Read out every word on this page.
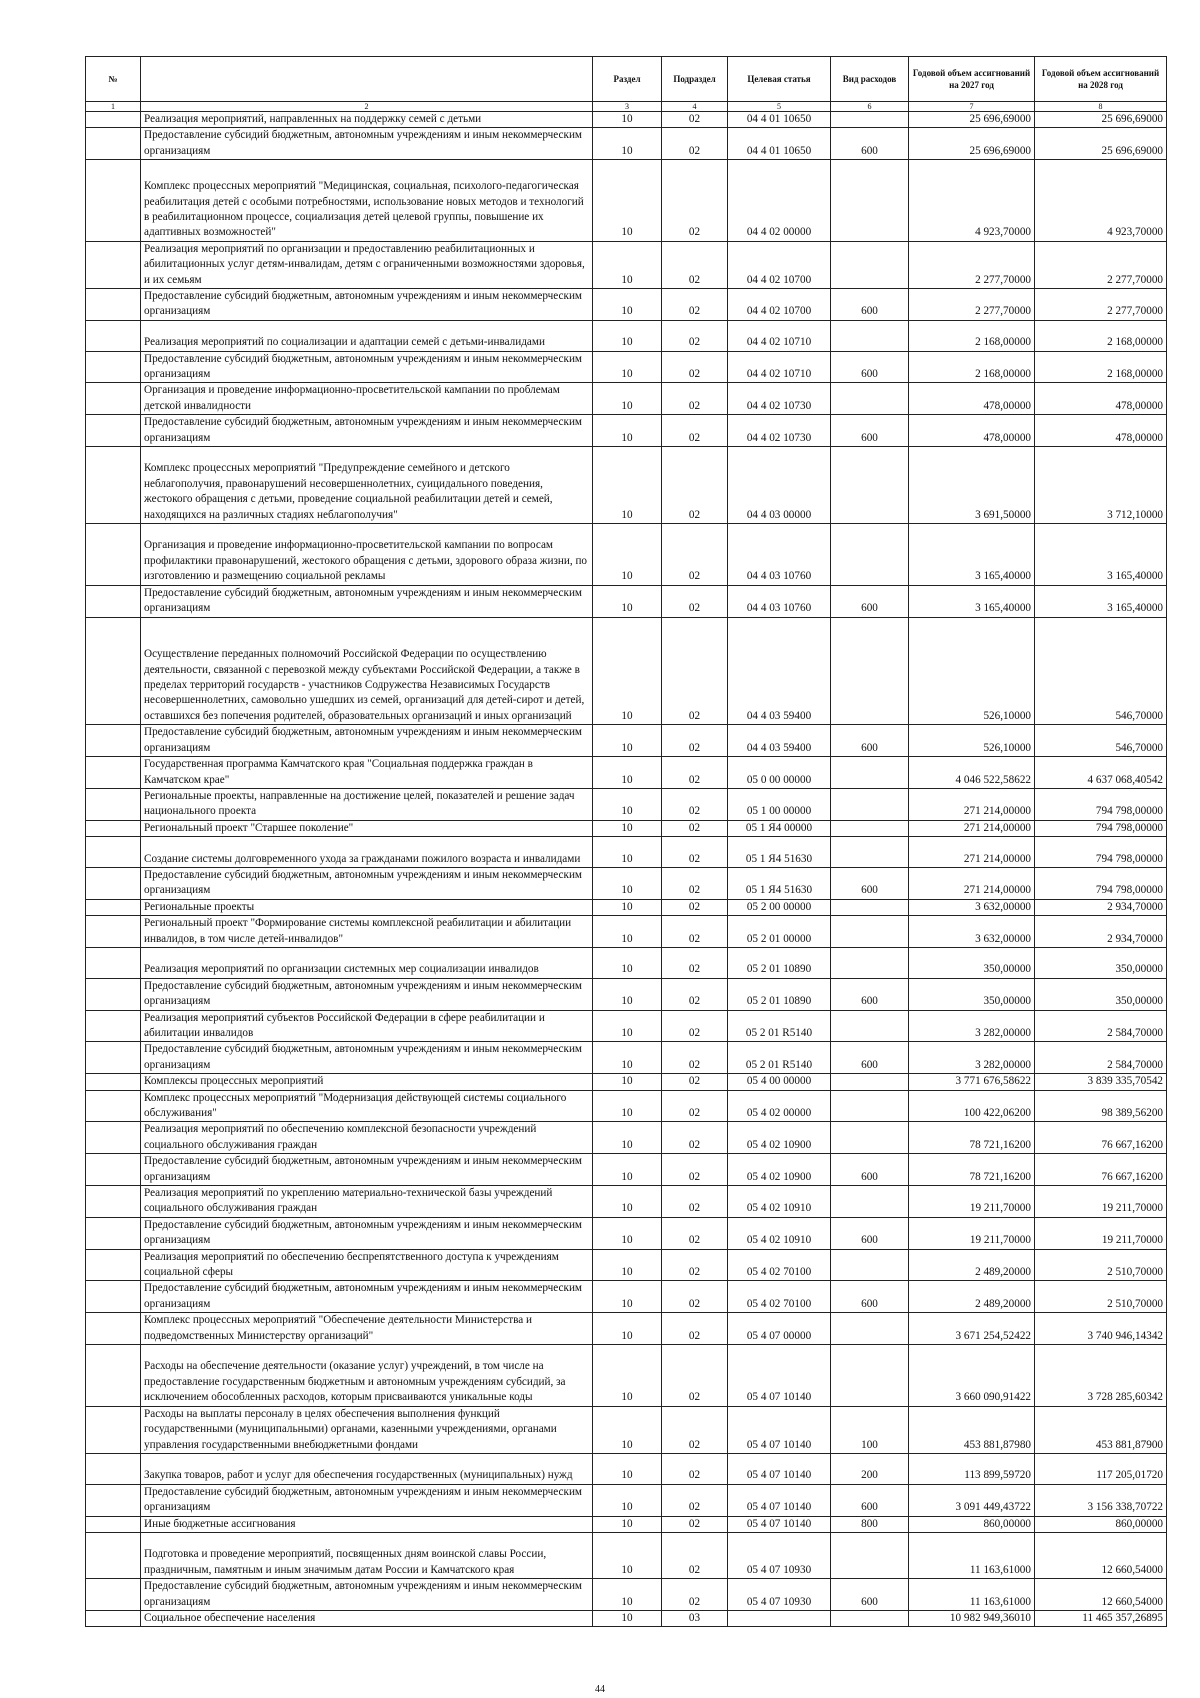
№		Раздел	Подраздел	Целевая статья	Вид расходов	Годовой объем ассигнований на 2027 год	Годовой объем ассигнований на 2028 год
1	2	3	4	5	6	7	8
	Реализация мероприятий, направленных на поддержку семей с детьми	10	02	04 4 01 10650		25 696,69000	25 696,69000
	Предоставление субсидий бюджетным, автономным учреждениям и иным некоммерческим организациям	10	02	04 4 01 10650	600	25 696,69000	25 696,69000
	Комплекс процессных мероприятий "Медицинская, социальная, психолого-педагогическая реабилитация детей с особыми потребностями, использование новых методов и технологий в реабилитационном процессе, социализация детей целевой группы, повышение их адаптивных возможностей"	10	02	04 4 02 00000		4 923,70000	4 923,70000
	Реализация мероприятий по организации и предоставлению реабилитационных и абилитационных услуг детям-инвалидам, детям с ограниченными возможностями здоровья, и их семьям	10	02	04 4 02 10700		2 277,70000	2 277,70000
	Предоставление субсидий бюджетным, автономным учреждениям и иным некоммерческим организациям	10	02	04 4 02 10700	600	2 277,70000	2 277,70000
	Реализация мероприятий по социализации и адаптации семей с детьми-инвалидами	10	02	04 4 02 10710		2 168,00000	2 168,00000
	Предоставление субсидий бюджетным, автономным учреждениям и иным некоммерческим организациям	10	02	04 4 02 10710	600	2 168,00000	2 168,00000
	Организация и проведение информационно-просветительской кампании по проблемам детской инвалидности	10	02	04 4 02 10730		478,00000	478,00000
	Предоставление субсидий бюджетным, автономным учреждениям и иным некоммерческим организациям	10	02	04 4 02 10730	600	478,00000	478,00000
	Комплекс процессных мероприятий "Предупреждение семейного и детского неблагополучия, правонарушений несовершеннолетних, суицидального поведения, жестокого обращения с детьми, проведение социальной реабилитации детей и семей, находящихся на различных стадиях неблагополучия"	10	02	04 4 03 00000		3 691,50000	3 712,10000
	Организация и проведение информационно-просветительской кампании по вопросам профилактики правонарушений, жестокого обращения с детьми, здорового образа жизни, по изготовлению и размещению социальной рекламы	10	02	04 4 03 10760		3 165,40000	3 165,40000
	Предоставление субсидий бюджетным, автономным учреждениям и иным некоммерческим организациям	10	02	04 4 03 10760	600	3 165,40000	3 165,40000
	Осуществление переданных полномочий Российской Федерации по осуществлению деятельности, связанной с перевозкой между субъектами Российской Федерации, а также в пределах территорий государств - участников Содружества Независимых Государств несовершеннолетних, самовольно ушедших из семей, организаций для детей-сирот и детей, оставшихся без попечения родителей, образовательных организаций и иных организаций	10	02	04 4 03 59400		526,10000	546,70000
	Предоставление субсидий бюджетным, автономным учреждениям и иным некоммерческим организациям	10	02	04 4 03 59400	600	526,10000	546,70000
	Государственная программа Камчатского края "Социальная поддержка граждан в Камчатском крае"	10	02	05 0 00 00000		4 046 522,58622	4 637 068,40542
	Региональные проекты, направленные на достижение целей, показателей и решение задач национального проекта	10	02	05 1 00 00000		271 214,00000	794 798,00000
	Региональный проект "Старшее поколение"	10	02	05 1 Я4 00000		271 214,00000	794 798,00000
	Создание системы долговременного ухода за гражданами пожилого возраста и инвалидами	10	02	05 1 Я4 51630		271 214,00000	794 798,00000
	Предоставление субсидий бюджетным, автономным учреждениям и иным некоммерческим организациям	10	02	05 1 Я4 51630	600	271 214,00000	794 798,00000
	Региональные проекты	10	02	05 2 00 00000		3 632,00000	2 934,70000
	Региональный проект "Формирование системы комплексной реабилитации и абилитации инвалидов, в том числе детей-инвалидов"	10	02	05 2 01 00000		3 632,00000	2 934,70000
	Реализация мероприятий по организации системных мер социализации инвалидов	10	02	05 2 01 10890		350,00000	350,00000
	Предоставление субсидий бюджетным, автономным учреждениям и иным некоммерческим организациям	10	02	05 2 01 10890	600	350,00000	350,00000
	Реализация мероприятий субъектов Российской Федерации в сфере реабилитации и абилитации инвалидов	10	02	05 2 01 R5140		3 282,00000	2 584,70000
	Предоставление субсидий бюджетным, автономным учреждениям и иным некоммерческим организациям	10	02	05 2 01 R5140	600	3 282,00000	2 584,70000
	Комплексы процессных мероприятий	10	02	05 4 00 00000		3 771 676,58622	3 839 335,70542
	Комплекс процессных мероприятий "Модернизация действующей системы социального обслуживания"	10	02	05 4 02 00000		100 422,06200	98 389,56200
	Реализация мероприятий по обеспечению комплексной безопасности учреждений социального обслуживания граждан	10	02	05 4 02 10900		78 721,16200	76 667,16200
	Предоставление субсидий бюджетным, автономным учреждениям и иным некоммерческим организациям	10	02	05 4 02 10900	600	78 721,16200	76 667,16200
	Реализация мероприятий по укреплению материально-технической базы учреждений социального обслуживания граждан	10	02	05 4 02 10910		19 211,70000	19 211,70000
	Предоставление субсидий бюджетным, автономным учреждениям и иным некоммерческим организациям	10	02	05 4 02 10910	600	19 211,70000	19 211,70000
	Реализация мероприятий по обеспечению беспрепятственного доступа к учреждениям социальной сферы	10	02	05 4 02 70100		2 489,20000	2 510,70000
	Предоставление субсидий бюджетным, автономным учреждениям и иным некоммерческим организациям	10	02	05 4 02 70100	600	2 489,20000	2 510,70000
	Комплекс процессных мероприятий "Обеспечение деятельности Министерства и подведомственных Министерству организаций"	10	02	05 4 07 00000		3 671 254,52422	3 740 946,14342
	Расходы на обеспечение деятельности (оказание услуг) учреждений, в том числе на предоставление государственным бюджетным и автономным учреждениям субсидий, за исключением обособленных расходов, которым присваиваются уникальные коды	10	02	05 4 07 10140		3 660 090,91422	3 728 285,60342
	Расходы на выплаты персоналу в целях обеспечения выполнения функций государственными (муниципальными) органами, казенными учреждениями, органами управления государственными внебюджетными фондами	10	02	05 4 07 10140	100	453 881,87980	453 881,87900
	Закупка товаров, работ и услуг для обеспечения государственных (муниципальных) нужд	10	02	05 4 07 10140	200	113 899,59720	117 205,01720
	Предоставление субсидий бюджетным, автономным учреждениям и иным некоммерческим организациям	10	02	05 4 07 10140	600	3 091 449,43722	3 156 338,70722
	Иные бюджетные ассигнования	10	02	05 4 07 10140	800	860,00000	860,00000
	Подготовка и проведение мероприятий, посвященных дням воинской славы России, праздничным, памятным и иным значимым датам России и Камчатского края	10	02	05 4 07 10930		11 163,61000	12 660,54000
	Предоставление субсидий бюджетным, автономным учреждениям и иным некоммерческим организациям	10	02	05 4 07 10930	600	11 163,61000	12 660,54000
	Социальное обеспечение населения	10	03			10 982 949,36010	11 465 357,26895
44
